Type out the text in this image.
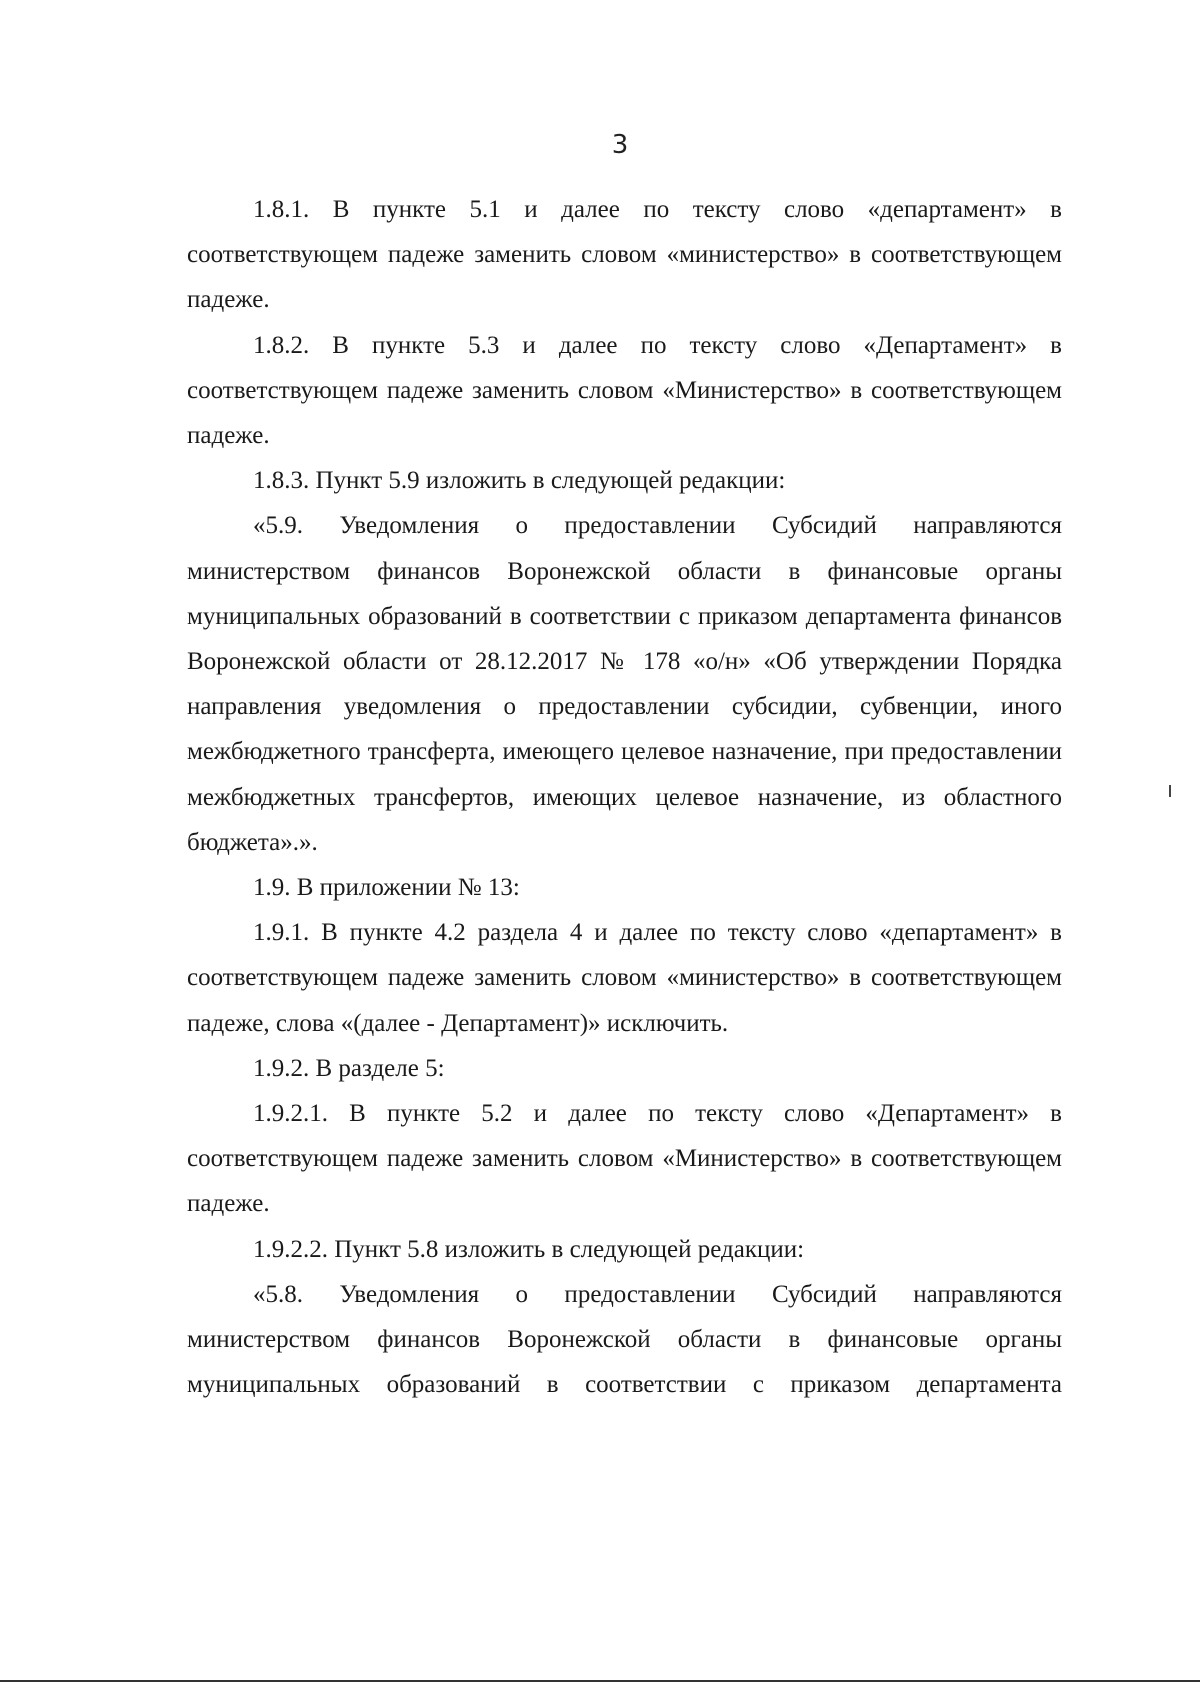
3

1.8.1. В пункте 5.1 и далее по тексту слово «департамент» в соответствующем падеже заменить словом «министерство» в соответствующем падеже.

1.8.2. В пункте 5.3 и далее по тексту слово «Департамент» в соответствующем падеже заменить словом «Министерство» в соответствующем падеже.

1.8.3. Пункт 5.9 изложить в следующей редакции:

«5.9. Уведомления о предоставлении Субсидий направляются министерством финансов Воронежской области в финансовые органы муниципальных образований в соответствии с приказом департамента финансов Воронежской области от 28.12.2017 № 178 «о/н» «Об утверждении Порядка направления уведомления о предоставлении субсидии, субвенции, иного межбюджетного трансферта, имеющего целевое назначение, при предоставлении межбюджетных трансфертов, имеющих целевое назначение, из областного бюджета».».

1.9. В приложении № 13:

1.9.1. В пункте 4.2 раздела 4 и далее по тексту слово «департамент» в соответствующем падеже заменить словом «министерство» в соответствующем падеже, слова «(далее - Департамент)» исключить.

1.9.2. В разделе 5:

1.9.2.1. В пункте 5.2 и далее по тексту слово «Департамент» в соответствующем падеже заменить словом «Министерство» в соответствующем падеже.

1.9.2.2. Пункт 5.8 изложить в следующей редакции:

«5.8. Уведомления о предоставлении Субсидий направляются министерством финансов Воронежской области в финансовые органы муниципальных образований в соответствии с приказом департамента
